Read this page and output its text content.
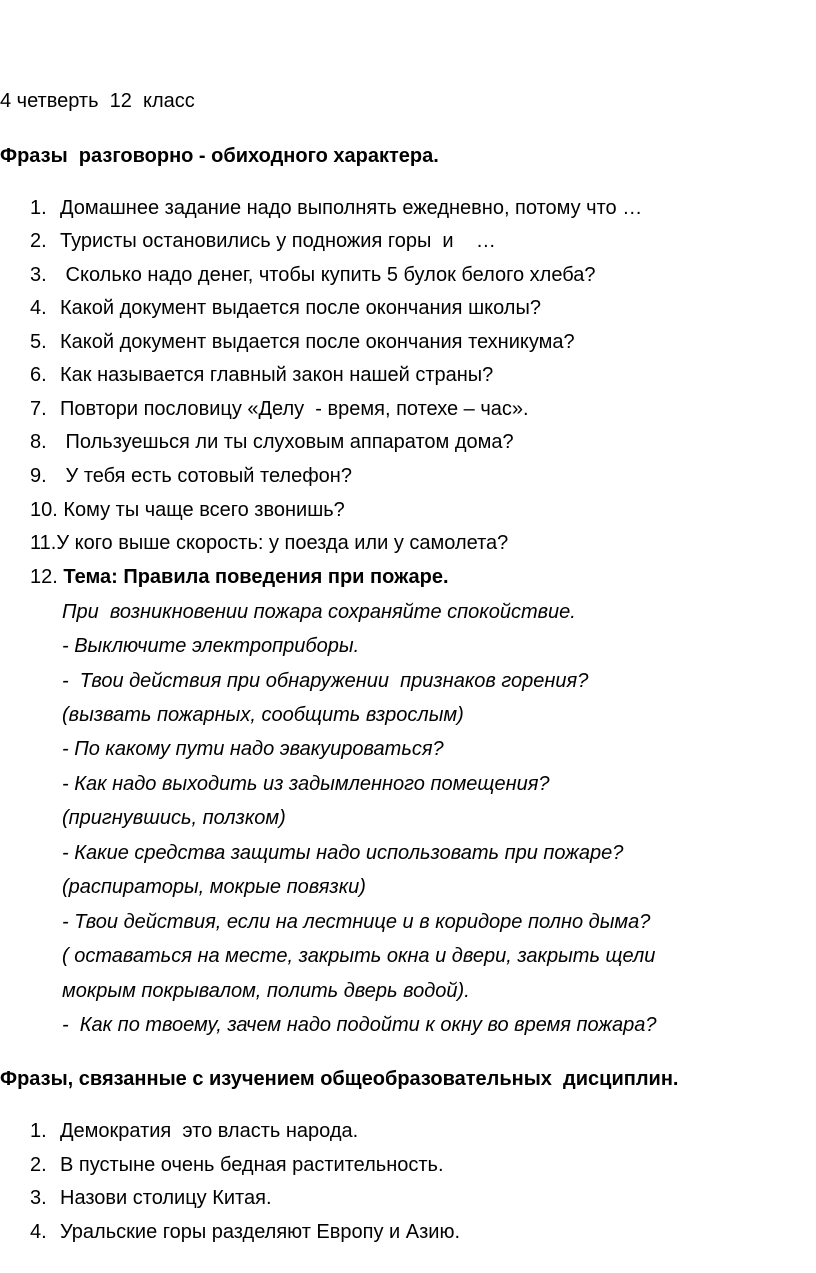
4 четверть  12  класс
Фразы  разговорно - обиходного характера.
1. Домашнее задание надо выполнять ежедневно, потому что …
2. Туристы остановились у подножия горы  и    …
3. Сколько надо денег, чтобы купить 5 булок белого хлеба?
4. Какой документ выдается после окончания школы?
5. Какой документ выдается после окончания техникума?
6. Как называется главный закон нашей страны?
7. Повтори пословицу «Делу  - время, потехе – час».
8. Пользуешься ли ты слуховым аппаратом дома?
9. У тебя есть сотовый телефон?
10. Кому ты чаще всего звонишь?
11.У кого выше скорость: у поезда или у самолета?
12. Тема: Правила поведения при пожаре.
При  возникновении пожара сохраняйте спокойствие.
- Выключите электроприборы.
-  Твои действия при обнаружении  признаков горения?
(вызвать пожарных, сообщить взрослым)
- По какому пути надо эвакуироваться?
- Как надо выходить из задымленного помещения?
(пригнувшись, ползком)
- Какие средства защиты надо использовать при пожаре?
(распираторы, мокрые повязки)
- Твои действия, если на лестнице и в коридоре полно дыма?
( оставаться на месте, закрыть окна и двери, закрыть щели
мокрым покрывалом, полить дверь водой).
-  Как по твоему, зачем надо подойти к окну во время пожара?
Фразы, связанные с изучением общеобразовательных  дисциплин.
1. Демократия  это власть народа.
2. В пустыне очень бедная растительность.
3. Назови столицу Китая.
4. Уральские горы разделяют Европу и Азию.
